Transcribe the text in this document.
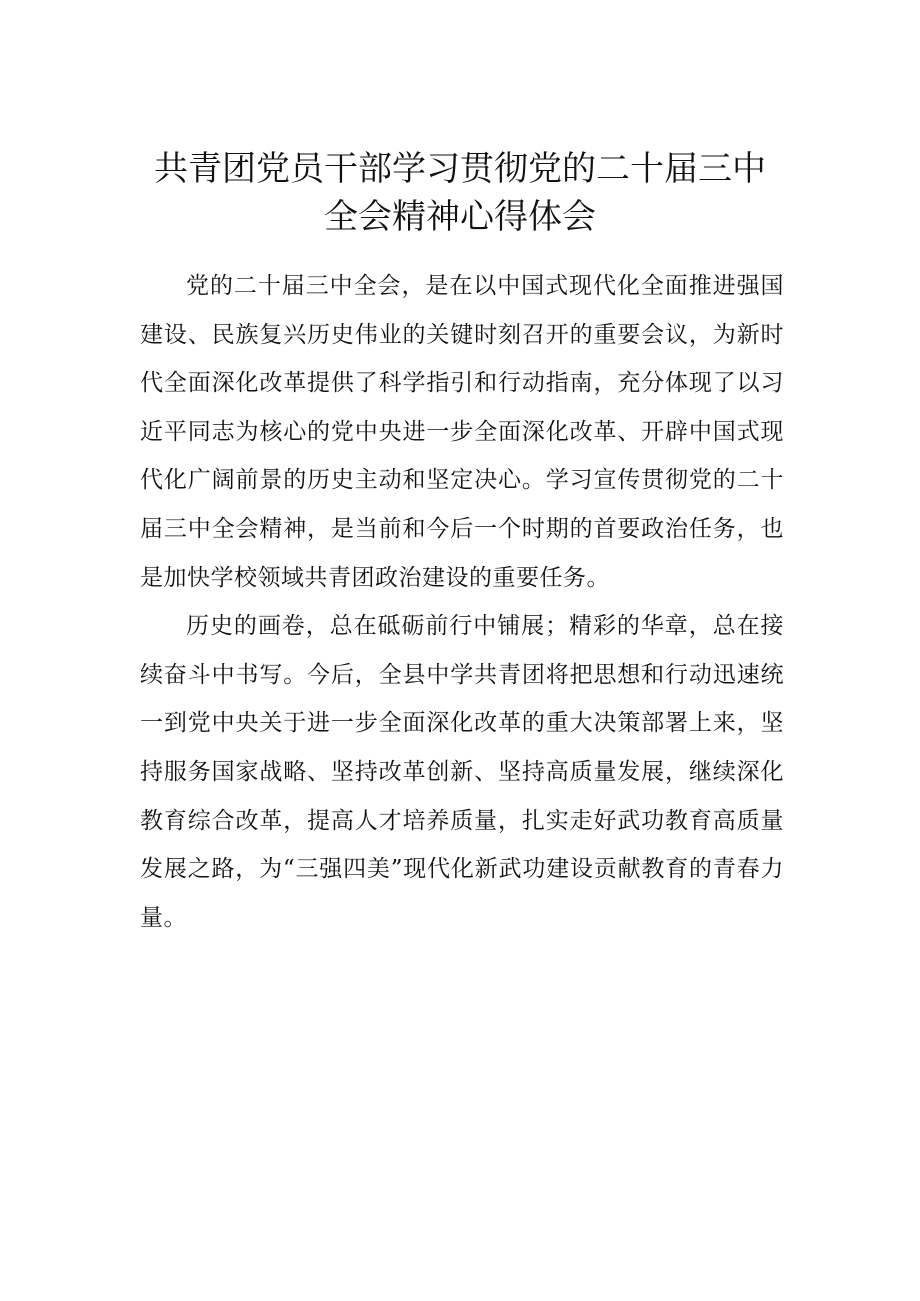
共青团党员干部学习贯彻党的二十届三中
全会精神心得体会

党的二十届三中全会，是在以中国式现代化全面推进强国建设、民族复兴历史伟业的关键时刻召开的重要会议，为新时代全面深化改革提供了科学指引和行动指南，充分体现了以习近平同志为核心的党中央进一步全面深化改革、开辟中国式现代化广阔前景的历史主动和坚定决心。学习宣传贯彻党的二十届三中全会精神，是当前和今后一个时期的首要政治任务，也是加快学校领域共青团政治建设的重要任务。

历史的画卷，总在砥砺前行中铺展；精彩的华章，总在接续奋斗中书写。今后，全县中学共青团将把思想和行动迅速统一到党中央关于进一步全面深化改革的重大决策部署上来，坚持服务国家战略、坚持改革创新、坚持高质量发展，继续深化教育综合改革，提高人才培养质量，扎实走好武功教育高质量发展之路，为“三强四美”现代化新武功建设贡献教育的青春力量。
